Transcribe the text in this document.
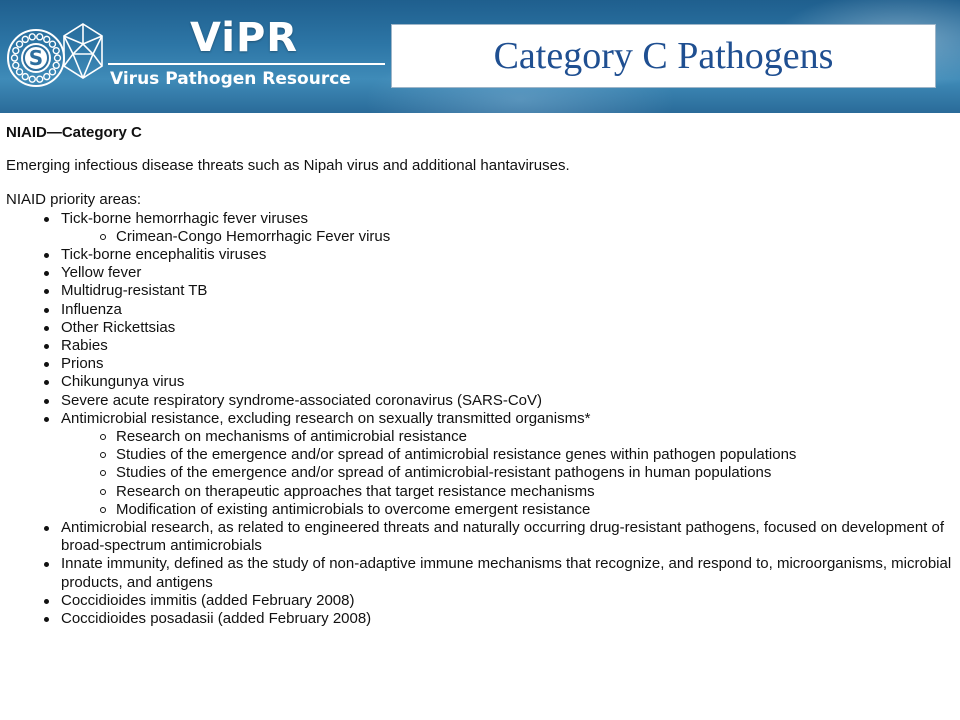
S	ViPR
Virus Pathogen Resource
Category C Pathogens

NIAID—Category C

Emerging infectious disease threats such as Nipah virus and additional hantaviruses.

NIAID priority areas:

Tick-borne hemorrhagic fever viruses
Crimean-Congo Hemorrhagic Fever virus
Tick-borne encephalitis viruses
Yellow fever
Multidrug-resistant TB
Influenza
Other Rickettsias
Rabies
Prions
Chikungunya virus
Severe acute respiratory syndrome-associated coronavirus (SARS-CoV)
Antimicrobial resistance, excluding research on sexually transmitted organisms*
Research on mechanisms of antimicrobial resistance
Studies of the emergence and/or spread of antimicrobial resistance genes within pathogen populations
Studies of the emergence and/or spread of antimicrobial-resistant pathogens in human populations
Research on therapeutic approaches that target resistance mechanisms
Modification of existing antimicrobials to overcome emergent resistance
Antimicrobial research, as related to engineered threats and naturally occurring drug-resistant pathogens, focused on development of broad-spectrum antimicrobials
Innate immunity, defined as the study of non-adaptive immune mechanisms that recognize, and respond to, microorganisms, microbial products, and antigens
Coccidioides immitis (added February 2008)
Coccidioides posadasii (added February 2008)
